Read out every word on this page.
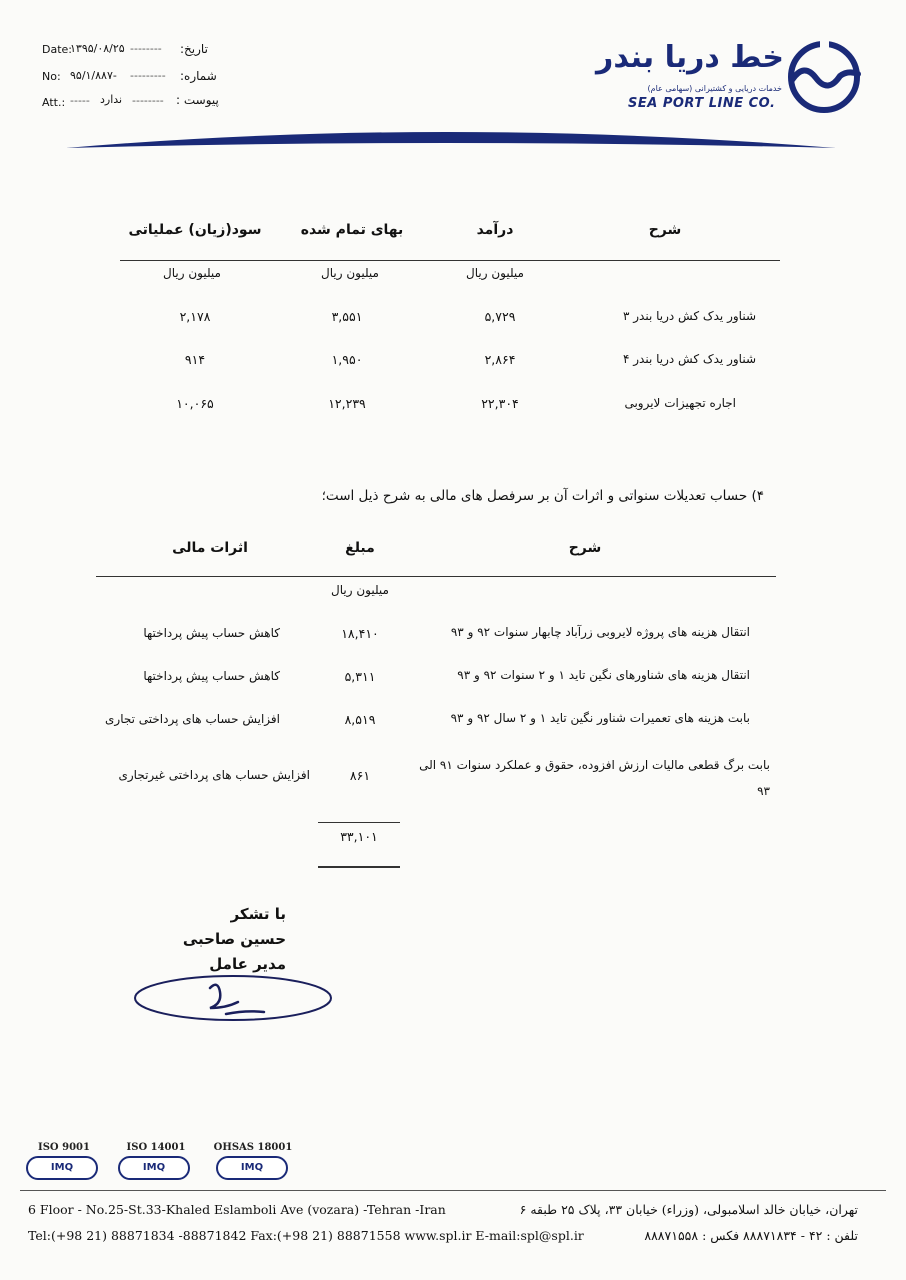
Date:
۱۳۹۵/۰۸/۲۵ -------- تاریخ:
No: ۹۵/۱/۸۸۷- --------- شماره:
Att.: ----- ندارد -------- پیوست :
خط دریا بندر
خدمات دریایی و کشتیرانی (سهامی عام)
SEA PORT LINE CO.
شرح
درآمد
بهای تمام شده
سود(زیان) عملیاتی
میلیون ریال
میلیون ریال
میلیون ریال
شناور یدک کش دریا بندر ۳
۵,۷۲۹
۳,۵۵۱
۲,۱۷۸
شناور یدک کش دریا بندر ۴
۲,۸۶۴
۱,۹۵۰
۹۱۴
اجاره تجهیزات لایروبی
۲۲,۳۰۴
۱۲,۲۳۹
۱۰,۰۶۵
۴) حساب تعدیلات سنواتی و اثرات آن بر سرفصل های مالی به شرح ذیل است؛
شرح
مبلغ
اثرات مالی
میلیون ریال
انتقال هزینه های پروژه لایروبی زرآباد چابهار سنوات ۹۲ و ۹۳
۱۸,۴۱۰
کاهش حساب پیش پرداختها
انتقال هزینه های شناورهای نگین تاید ۱ و ۲ سنوات ۹۲ و ۹۳
۵,۳۱۱
کاهش حساب پیش پرداختها
بابت هزینه های تعمیرات شناور نگین تاید ۱ و ۲ سال ۹۲ و ۹۳
۸,۵۱۹
افزایش حساب های پرداختی تجاری
بابت برگ قطعی مالیات ارزش افزوده، حقوق و عملکرد سنوات ۹۱ الی ۹۳
۸۶۱
افزایش حساب های پرداختی غیرتجاری
۳۳,۱۰۱
با تشکر
حسین صاحبی
مدیر عامل
ISO 9001
IMQ
ISO 14001
IMQ
OHSAS 18001
IMQ
6 Floor - No.25-St.33-Khaled Eslamboli Ave (vozara) -Tehran -Iran	تهران، خیابان خالد اسلامبولی، (وزراء) خیابان ۳۳، پلاک ۲۵ طبقه ۶
Tel:(+98 21) 88871834 -88871842 Fax:(+98 21) 88871558 www.spl.ir E-mail:spl@spl.ir	تلفن : ۴۲ - ۸۸۸۷۱۸۳۴ فکس : ۸۸۸۷۱۵۵۸
